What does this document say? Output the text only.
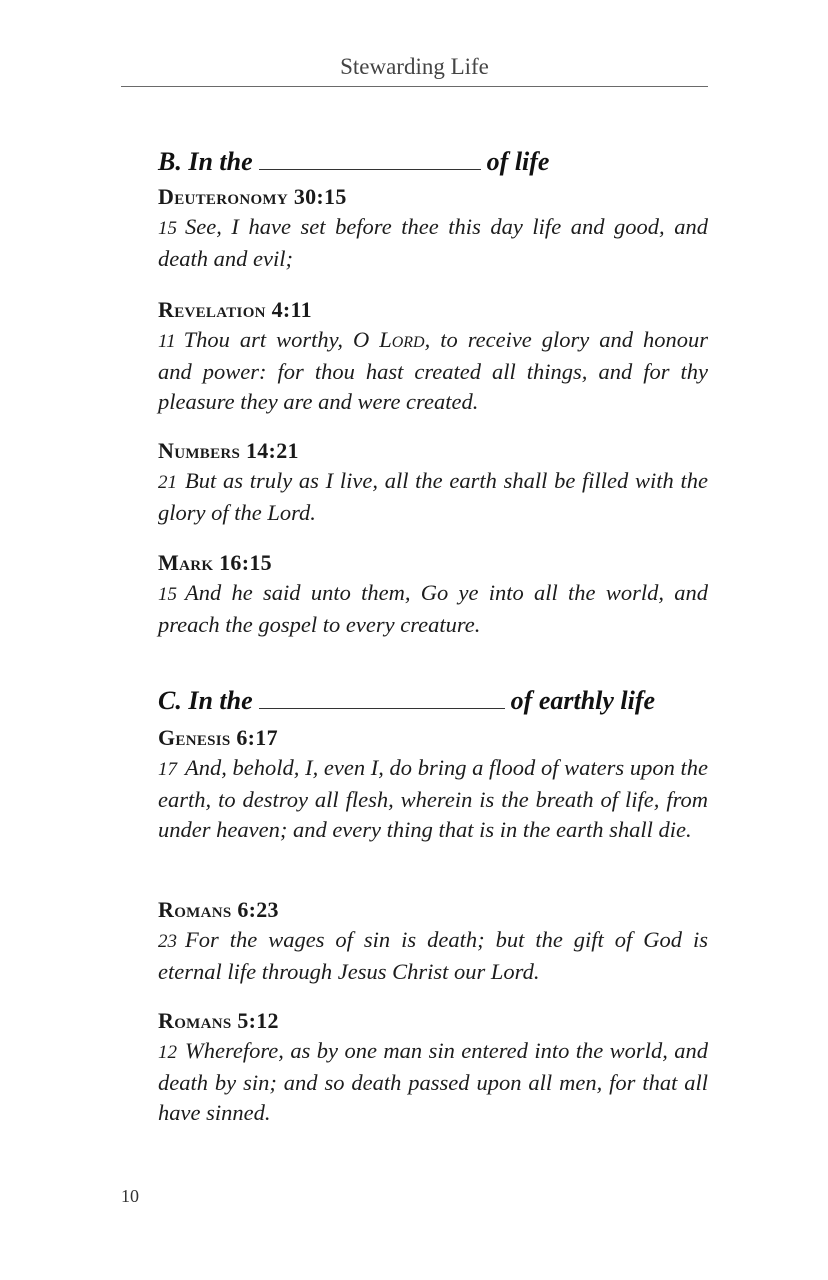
Stewarding Life
B. In the	of life
Deuteronomy 30:15
15 See, I have set before thee this day life and good, and death and evil;
Revelation 4:11
11 Thou art worthy, O Lord, to receive glory and honour and power: for thou hast created all things, and for thy pleasure they are and were created.
Numbers 14:21
21 But as truly as I live, all the earth shall be filled with the glory of the Lord.
Mark 16:15
15 And he said unto them, Go ye into all the world, and preach the gospel to every creature.
C. In the	of earthly life
Genesis 6:17
17 And, behold, I, even I, do bring a flood of waters upon the earth, to destroy all flesh, wherein is the breath of life, from under heaven; and every thing that is in the earth shall die.
Romans 6:23
23 For the wages of sin is death; but the gift of God is eternal life through Jesus Christ our Lord.
Romans 5:12
12 Wherefore, as by one man sin entered into the world, and death by sin; and so death passed upon all men, for that all have sinned.
10
